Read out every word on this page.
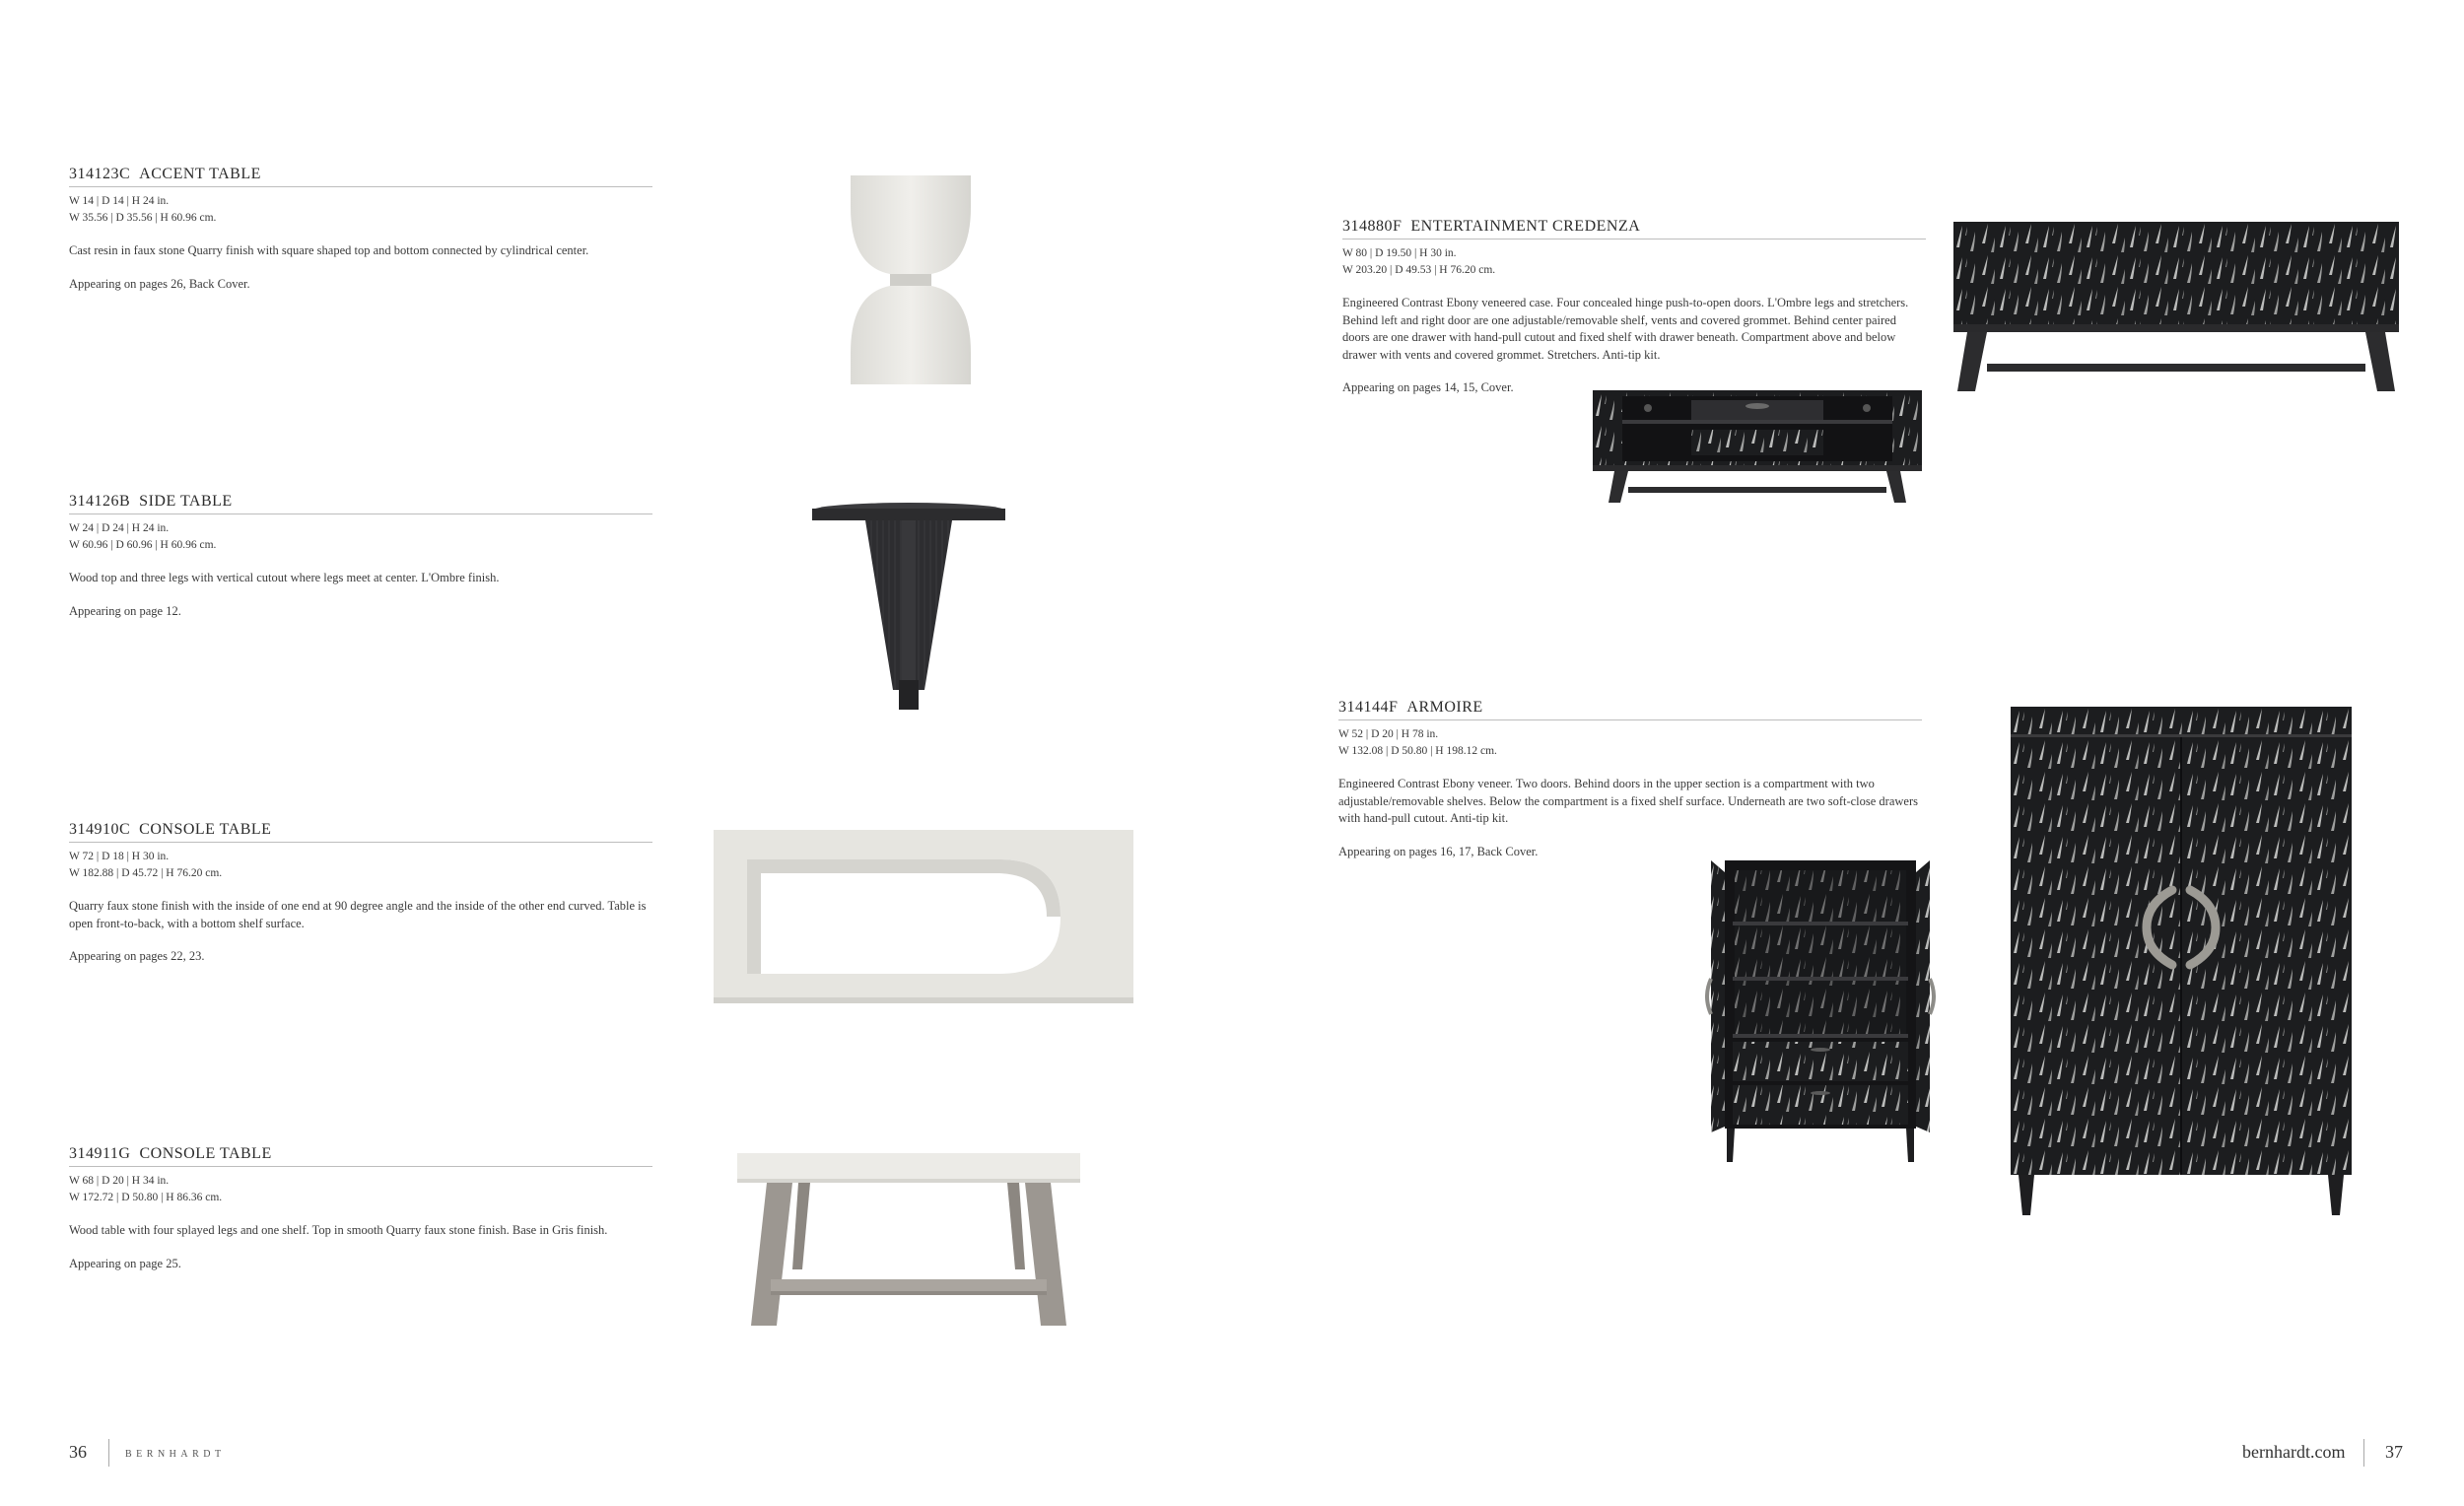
314123C ACCENT TABLE
W 14 | D 14 | H 24 in.
W 35.56 | D 35.56 | H 60.96 cm.
Cast resin in faux stone Quarry finish with square shaped top and bottom connected by cylindrical center.
Appearing on pages 26, Back Cover.
314126B SIDE TABLE
W 24 | D 24 | H 24 in.
W 60.96 | D 60.96 | H 60.96 cm.
Wood top and three legs with vertical cutout where legs meet at center. L'Ombre finish.
Appearing on page 12.
314910C CONSOLE TABLE
W 72 | D 18 | H 30 in.
W 182.88 | D 45.72 | H 76.20 cm.
Quarry faux stone finish with the inside of one end at 90 degree angle and the inside of the other end curved. Table is open front-to-back, with a bottom shelf surface.
Appearing on pages 22, 23.
314911G CONSOLE TABLE
W 68 | D 20 | H 34 in.
W 172.72 | D 50.80 | H 86.36 cm.
Wood table with four splayed legs and one shelf. Top in smooth Quarry faux stone finish. Base in Gris finish.
Appearing on page 25.
314880F ENTERTAINMENT CREDENZA
W 80 | D 19.50 | H 30 in.
W 203.20 | D 49.53 | H 76.20 cm.
Engineered Contrast Ebony veneered case. Four concealed hinge push-to-open doors. L'Ombre legs and stretchers. Behind left and right door are one adjustable/removable shelf, vents and covered grommet. Behind center paired doors are one drawer with hand-pull cutout and fixed shelf with drawer beneath. Compartment above and below drawer with vents and covered grommet. Stretchers. Anti-tip kit.
Appearing on pages 14, 15, Cover.
314144F ARMOIRE
W 52 | D 20 | H 78 in.
W 132.08 | D 50.80 | H 198.12 cm.
Engineered Contrast Ebony veneer. Two doors. Behind doors in the upper section is a compartment with two adjustable/removable shelves. Below the compartment is a fixed shelf surface. Underneath are two soft-close drawers with hand-pull cutout. Anti-tip kit.
Appearing on pages 16, 17, Back Cover.
36	BERNHARDT	bernhardt.com 37
